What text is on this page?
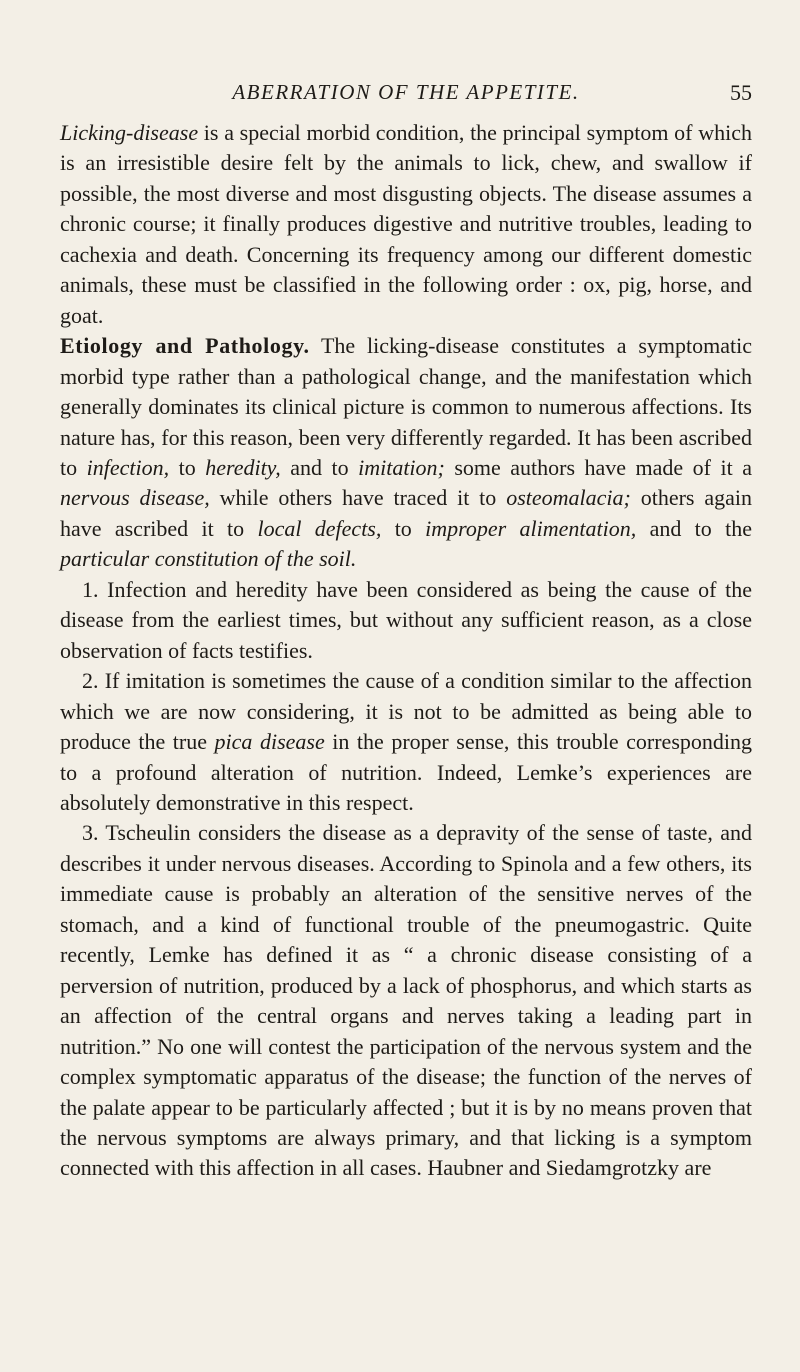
ABERRATION OF THE APPETITE.	55

Licking-disease is a special morbid condition, the principal symptom of which is an irresistible desire felt by the animals to lick, chew, and swallow if possible, the most diverse and most disgusting objects. The disease assumes a chronic course; it finally produces digestive and nutritive troubles, leading to cachexia and death. Concerning its frequency among our different domestic animals, these must be classified in the following order : ox, pig, horse, and goat.

Etiology and Pathology. The licking-disease constitutes a symptomatic morbid type rather than a pathological change, and the manifestation which generally dominates its clinical picture is common to numerous affections. Its nature has, for this reason, been very differently regarded. It has been ascribed to infection, to heredity, and to imitation; some authors have made of it a nervous disease, while others have traced it to osteomalacia; others again have ascribed it to local defects, to improper alimentation, and to the particular constitution of the soil.

1. Infection and heredity have been considered as being the cause of the disease from the earliest times, but without any sufficient reason, as a close observation of facts testifies.

2. If imitation is sometimes the cause of a condition similar to the affection which we are now considering, it is not to be admitted as being able to produce the true pica disease in the proper sense, this trouble corresponding to a profound alteration of nutrition. Indeed, Lemke’s experiences are absolutely demonstrative in this respect.

3. Tscheulin considers the disease as a depravity of the sense of taste, and describes it under nervous diseases. According to Spinola and a few others, its immediate cause is probably an alteration of the sensitive nerves of the stomach, and a kind of functional trouble of the pneumogastric. Quite recently, Lemke has defined it as “ a chronic disease consisting of a perversion of nutrition, produced by a lack of phosphorus, and which starts as an affection of the central organs and nerves taking a leading part in nutrition.” No one will contest the participation of the nervous system and the complex symptomatic apparatus of the disease; the function of the nerves of the palate appear to be particularly affected ; but it is by no means proven that the nervous symptoms are always primary, and that licking is a symptom connected with this affection in all cases. Haubner and Siedamgrotzky are
